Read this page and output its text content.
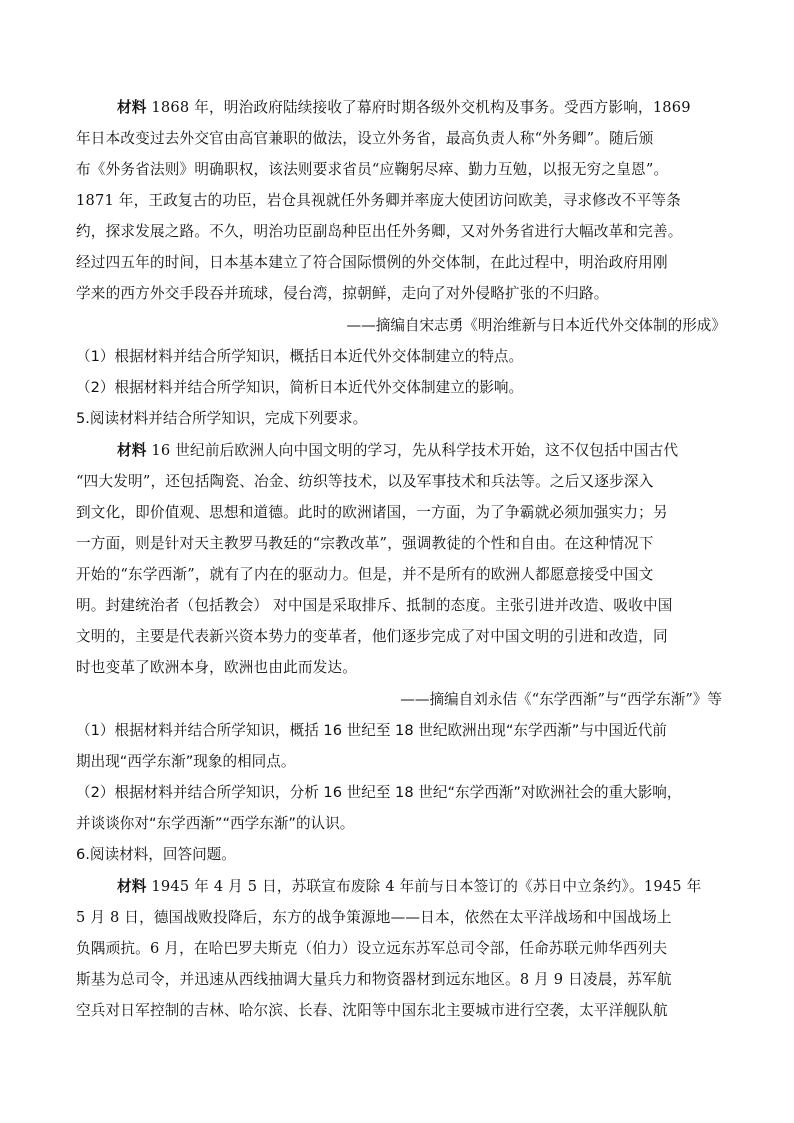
材料 1868 年，明治政府陆续接收了幕府时期各级外交机构及事务。受西方影响，1869
年日本改变过去外交官由高官兼职的做法，设立外务省，最高负责人称“外务卿”。随后颁
布《外务省法则》明确职权，该法则要求省员“应鞠躬尽瘁、勤力互勉，以报无穷之皇恩”。
1871 年，王政复古的功臣，岩仓具视就任外务卿并率庞大使团访问欧美，寻求修改不平等条
约，探求发展之路。不久，明治功臣副岛种臣出任外务卿，又对外务省进行大幅改革和完善。
经过四五年的时间，日本基本建立了符合国际惯例的外交体制，在此过程中，明治政府用刚
学来的西方外交手段吞并琉球，侵台湾，掠朝鲜，走向了对外侵略扩张的不归路。
——摘编自宋志勇《明治维新与日本近代外交体制的形成》
（1）根据材料并结合所学知识，概括日本近代外交体制建立的特点。
（2）根据材料并结合所学知识，简析日本近代外交体制建立的影响。
5.阅读材料并结合所学知识，完成下列要求。
材料 16 世纪前后欧洲人向中国文明的学习，先从科学技术开始，这不仅包括中国古代
“四大发明”，还包括陶瓷、冶金、纺织等技术，以及军事技术和兵法等。之后又逐步深入
到文化，即价值观、思想和道德。此时的欧洲诸国，一方面，为了争霸就必须加强实力；另
一方面，则是针对天主教罗马教廷的“宗教改革”，强调教徒的个性和自由。在这种情况下
开始的“东学西渐”，就有了内在的驱动力。但是，并不是所有的欧洲人都愿意接受中国文
明。封建统治者（包括教会） 对中国是采取排斥、抵制的态度。主张引进并改造、吸收中国
文明的，主要是代表新兴资本势力的变革者，他们逐步完成了对中国文明的引进和改造，同
时也变革了欧洲本身，欧洲也由此而发达。
——摘编自刘永佶《“东学西渐”与“西学东渐”》等
（1）根据材料并结合所学知识，概括 16 世纪至 18 世纪欧洲出现“东学西渐”与中国近代前
期出现“西学东渐”现象的相同点。
（2）根据材料并结合所学知识，分析 16 世纪至 18 世纪“东学西渐”对欧洲社会的重大影响，
并谈谈你对“东学西渐”“西学东渐”的认识。
6.阅读材料，回答问题。
材料 1945 年 4 月 5 日，苏联宣布废除 4 年前与日本签订的《苏日中立条约》。1945 年
5 月 8 日，德国战败投降后，东方的战争策源地——日本，依然在太平洋战场和中国战场上
负隅顽抗。6 月，在哈巴罗夫斯克（伯力）设立远东苏军总司令部，任命苏联元帅华西列夫
斯基为总司令，并迅速从西线抽调大量兵力和物资器材到远东地区。8 月 9 日凌晨，苏军航
空兵对日军控制的吉林、哈尔滨、长春、沈阳等中国东北主要城市进行空袭，太平洋舰队航
